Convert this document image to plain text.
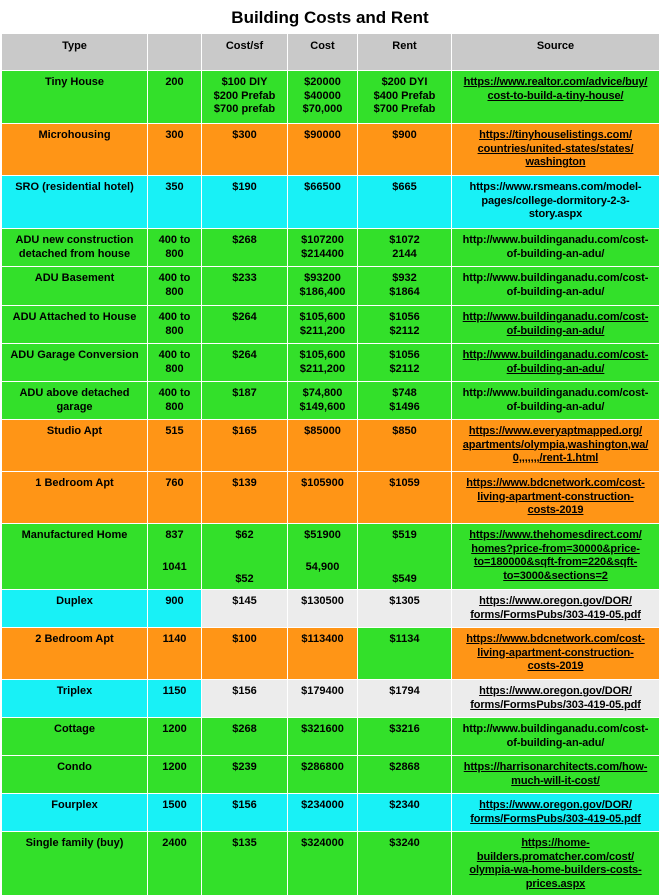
Building Costs and Rent
Type		Cost/sf	Cost	Rent	Source

Tiny House	200	$100 DIY
$200 Prefab
$700 prefab	$20000
$40000
$70,000	$200 DYI
$400 Prefab
$700 Prefab	https://www.realtor.com/advice/buy/
cost-to-build-a-tiny-house/

Microhousing	300	$300	$90000	$900	https://tinyhouselistings.com/
countries/united-states/states/
washington

SRO (residential hotel)	350	$190	$66500	$665	https://www.rsmeans.com/model-
pages/college-dormitory-2-3-
story.aspx

ADU new construction
detached from house	400 to
800	$268	$107200
$214400	$1072
2144	http://www.buildinganadu.com/cost-
of-building-an-adu/

ADU Basement	400 to
800	$233	$93200
$186,400	$932
$1864	http://www.buildinganadu.com/cost-
of-building-an-adu/

ADU Attached to House	400 to
800	$264	$105,600
$211,200	$1056
$2112	http://www.buildinganadu.com/cost-
of-building-an-adu/

ADU Garage Conversion	400 to
800	$264	$105,600
$211,200	$1056
$2112	http://www.buildinganadu.com/cost-
of-building-an-adu/

ADU above detached
garage	400 to
800	$187	$74,800
$149,600	$748
$1496	http://www.buildinganadu.com/cost-
of-building-an-adu/

Studio Apt	515	$165	$85000	$850	https://www.everyaptmapped.org/
apartments/olympia,washington,wa/
0,,,,,,,/rent-1.html

1 Bedroom Apt	760	$139	$105900	$1059	https://www.bdcnetwork.com/cost-
living-apartment-construction-
costs-2019

Manufactured Home	837
1041	$62
$52	$51900
54,900	$519
$549	https://www.thehomesdirect.com/
homes?price-from=30000&price-
to=180000&sqft-from=220&sqft-
to=3000&sections=2

Duplex	900	$145	$130500	$1305	https://www.oregon.gov/DOR/
forms/FormsPubs/303-419-05.pdf

2 Bedroom Apt	1140	$100	$113400	$1134	https://www.bdcnetwork.com/cost-
living-apartment-construction-
costs-2019

Triplex	1150	$156	$179400	$1794	https://www.oregon.gov/DOR/
forms/FormsPubs/303-419-05.pdf

Cottage	1200	$268	$321600	$3216	http://www.buildinganadu.com/cost-
of-building-an-adu/

Condo	1200	$239	$286800	$2868	https://harrisonarchitects.com/how-
much-will-it-cost/

Fourplex	1500	$156	$234000	$2340	https://www.oregon.gov/DOR/
forms/FormsPubs/303-419-05.pdf

Single family (buy)	2400	$135	$324000	$3240	https://home-
builders.promatcher.com/cost/
olympia-wa-home-builders-costs-
prices.aspx
